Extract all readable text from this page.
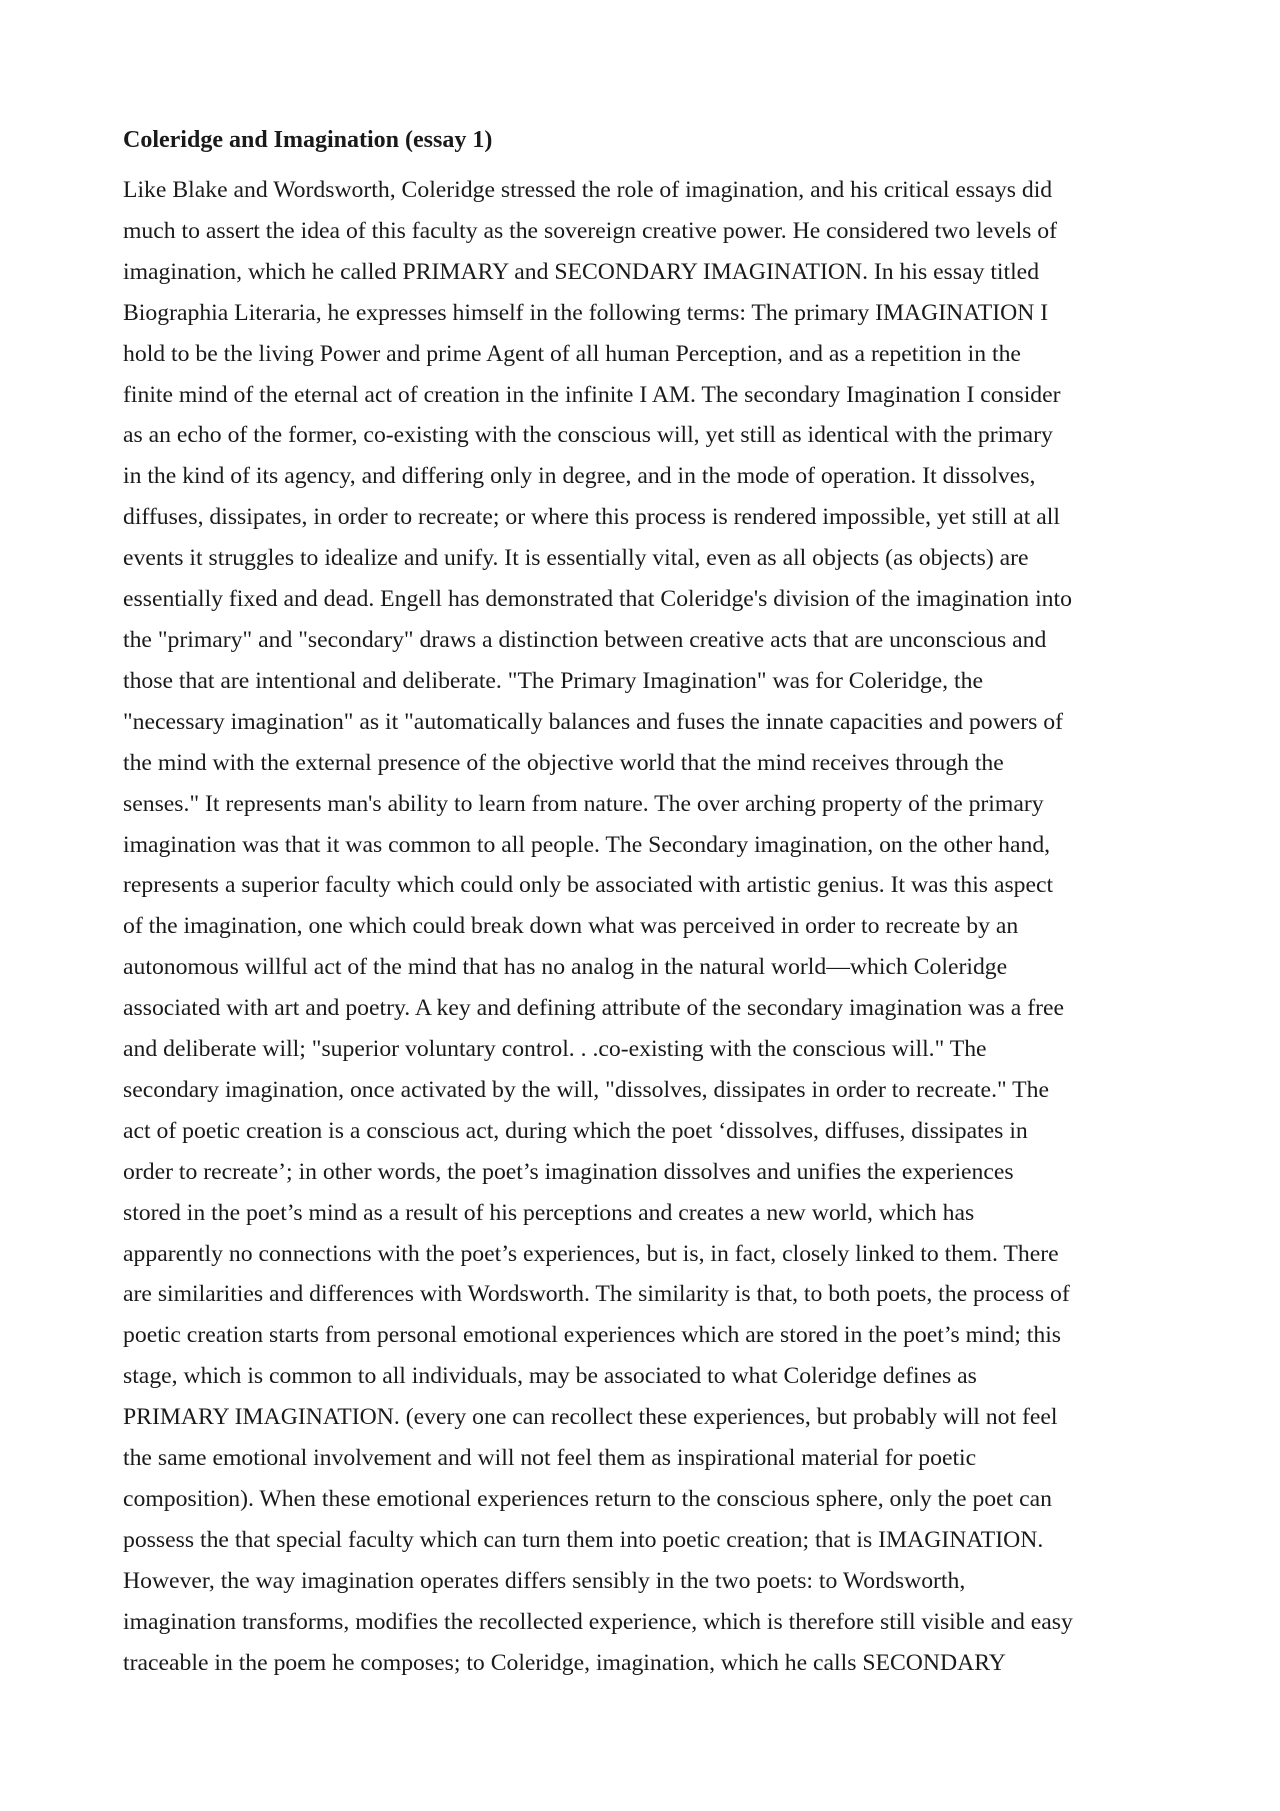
Coleridge and Imagination (essay 1)
Like Blake and Wordsworth, Coleridge stressed the role of imagination, and his critical essays did
much to assert the idea of this faculty as the sovereign creative power. He considered two levels of
imagination, which he called PRIMARY and SECONDARY IMAGINATION. In his essay titled
Biographia Literaria, he expresses himself in the following terms: The primary IMAGINATION I
hold to be the living Power and prime Agent of all human Perception, and as a repetition in the
finite mind of the eternal act of creation in the infinite I AM. The secondary Imagination I consider
as an echo of the former, co-existing with the conscious will, yet still as identical with the primary
in the kind of its agency, and differing only in degree, and in the mode of operation. It dissolves,
diffuses, dissipates, in order to recreate; or where this process is rendered impossible, yet still at all
events it struggles to idealize and unify. It is essentially vital, even as all objects (as objects) are
essentially fixed and dead. Engell has demonstrated that Coleridge's division of the imagination into
the "primary" and "secondary" draws a distinction between creative acts that are unconscious and
those that are intentional and deliberate. "The Primary Imagination" was for Coleridge, the
"necessary imagination" as it "automatically balances and fuses the innate capacities and powers of
the mind with the external presence of the objective world that the mind receives through the
senses." It represents man's ability to learn from nature. The over arching property of the primary
imagination was that it was common to all people. The Secondary imagination, on the other hand,
represents a superior faculty which could only be associated with artistic genius. It was this aspect
of the imagination, one which could break down what was perceived in order to recreate by an
autonomous willful act of the mind that has no analog in the natural world—which Coleridge
associated with art and poetry. A key and defining attribute of the secondary imagination was a free
and deliberate will; "superior voluntary control. . .co-existing with the conscious will." The
secondary imagination, once activated by the will, "dissolves, dissipates in order to recreate." The
act of poetic creation is a conscious act, during which the poet ‘dissolves, diffuses, dissipates in
order to recreate’; in other words, the poet’s imagination dissolves and unifies the experiences
stored in the poet’s mind as a result of his perceptions and creates a new world, which has
apparently no connections with the poet’s experiences, but is, in fact, closely linked to them. There
are similarities and differences with Wordsworth. The similarity is that, to both poets, the process of
poetic creation starts from personal emotional experiences which are stored in the poet’s mind; this
stage, which is common to all individuals, may be associated to what Coleridge defines as
PRIMARY IMAGINATION. (every one can recollect these experiences, but probably will not feel
the same emotional involvement and will not feel them as inspirational material for poetic
composition). When these emotional experiences return to the conscious sphere, only the poet can
possess the that special faculty which can turn them into poetic creation; that is IMAGINATION.
However, the way imagination operates differs sensibly in the two poets: to Wordsworth,
imagination transforms, modifies the recollected experience, which is therefore still visible and easy
traceable in the poem he composes; to Coleridge, imagination, which he calls SECONDARY
